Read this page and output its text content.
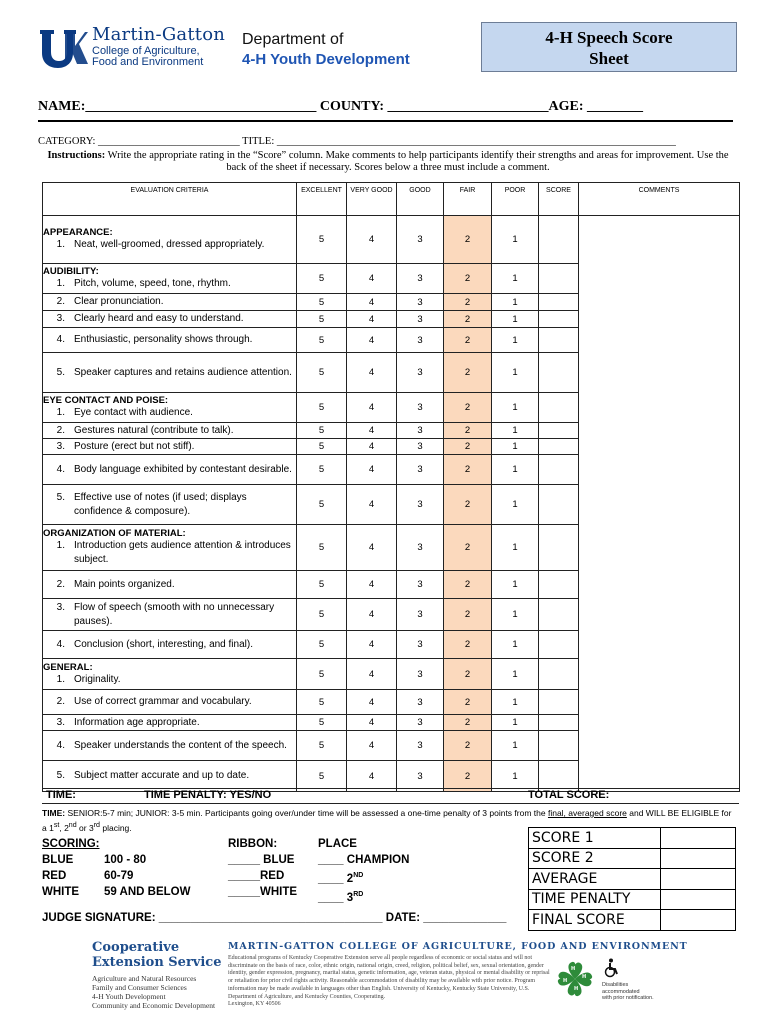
Martin-Gatton
College of Agriculture,
Food and Environment
Department of
4-H Youth Development
4-H Speech Score
Sheet
NAME:_________________________________ COUNTY: _______________________AGE: ________
CATEGORY: ___________________________ TITLE: ____________________________________________________________________________
Instructions: Write the appropriate rating in the “Score” column. Make comments to help participants identify their strengths and areas for improvement. Use the back of the sheet if necessary. Scores below a three must include a comment.
EVALUATION CRITERIA	EXCELLENT	VERY GOOD	GOOD	FAIR	POOR	SCORE	COMMENTS

APPEARANCE:
1. Neat, well-groomed, dressed appropriately.	5	4	3	2	1		

AUDIBILITY:
1. Pitch, volume, speed, tone, rhythm.	5	4	3	2	1		

2. Clear pronunciation.	5	4	3	2	1		

3. Clearly heard and easy to understand.	5	4	3	2	1		

4. Enthusiastic, personality shows through.	5	4	3	2	1		

5. Speaker captures and retains audience attention.	5	4	3	2	1		

EYE CONTACT AND POISE:
1. Eye contact with audience.	5	4	3	2	1		

2. Gestures natural (contribute to talk).	5	4	3	2	1		

3. Posture (erect but not stiff).	5	4	3	2	1		

4. Body language exhibited by contestant desirable.	5	4	3	2	1		

5. Effective use of notes (if used; displays confidence & composure).	5	4	3	2	1		

ORGANIZATION OF MATERIAL:
1. Introduction gets audience attention & introduces subject.	5	4	3	2	1		

2. Main points organized.	5	4	3	2	1		

3. Flow of speech (smooth with no unnecessary pauses).	5	4	3	2	1		

4. Conclusion (short, interesting, and final).	5	4	3	2	1		

GENERAL:
1. Originality.	5	4	3	2	1		

2. Use of correct grammar and vocabulary.	5	4	3	2	1		

3. Information age appropriate.	5	4	3	2	1		

4. Speaker understands the content of the speech.	5	4	3	2	1		

5. Subject matter accurate and up to date.	5	4	3	2	1		
TIME:	TIME PENALTY: YES/NO	TOTAL SCORE:
TIME: SENIOR:5-7 min; JUNIOR: 3-5 min. Participants going over/under time will be assessed a one-time penalty of 3 points from the final, averaged score and WILL BE ELIGIBLE for a 1st, 2nd or 3rd placing.
SCORING:
BLUE	100 - 80
RED	60-79
WHITE	59 AND BELOW
RIBBON:
_____ BLUE
_____RED
_____WHITE
PLACE
____ CHAMPION
____ 2ND
____ 3RD
SCORE 1	
SCORE 2	
AVERAGE	
TIME PENALTY	
FINAL SCORE	
JUDGE SIGNATURE: ___________________________________ DATE: _____________
Cooperative
Extension Service
Agriculture and Natural Resources
Family and Consumer Sciences
4-H Youth Development
Community and Economic Development
MARTIN-GATTON COLLEGE OF AGRICULTURE, FOOD AND ENVIRONMENT
Educational programs of Kentucky Cooperative Extension serve all people regardless of economic or social status and will not discriminate on the basis of race, color, ethnic origin, national origin, creed, religion, political belief, sex, sexual orientation, gender identity, gender expression, pregnancy, marital status, genetic information, age, veteran status, physical or mental disability or reprisal or retaliation for prior civil rights activity. Reasonable accommodation of disability may be available with prior notice. Program information may be made available in languages other than English. University of Kentucky, Kentucky State University, U.S. Department of Agriculture, and Kentucky Counties, Cooperating.
Lexington, KY 40506
H
H
H
H
Disabilities
accommodated
with prior notification.
